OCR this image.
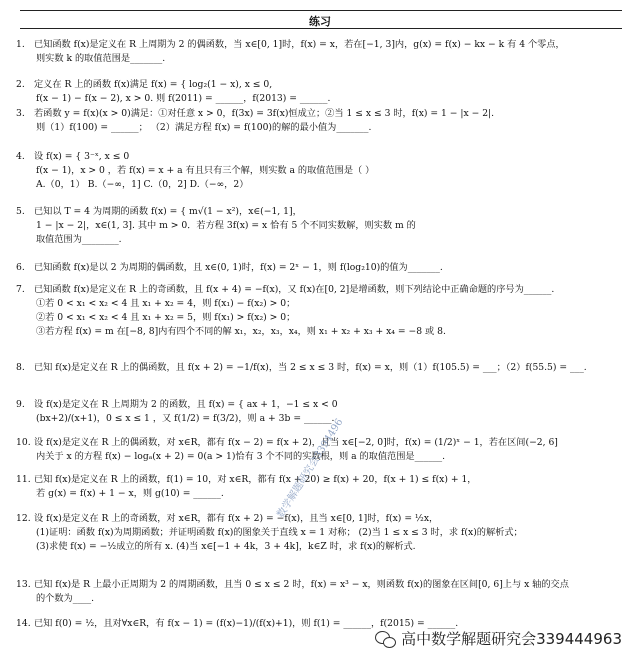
练习
1. 已知函数 f(x)是定义在 R 上周期为 2 的偶函数，当 x∈[0, 1]时，f(x) = x，若在[−1, 3]内，g(x) = f(x) − kx − k 有 4 个零点，
则实数 k 的取值范围是_______.
2. 定义在 R 上的函数 f(x)满足 f(x) = { log₂(1 − x), x ≤ 0,
f(x − 1) − f(x − 2), x > 0. 则 f(2011) = ______，f(2013) = ______.
3. 若函数 y = f(x)(x > 0)满足：①对任意 x > 0，f(3x) = 3f(x)恒成立；②当 1 ≤ x ≤ 3 时，f(x) = 1 − |x − 2|.
则（1）f(100) = ______； （2）满足方程 f(x) = f(100)的解的最小值为_______.
4. 设 f(x) = { 3⁻ˣ, x ≤ 0
f(x − 1)，x > 0 ，若 f(x) = x + a 有且只有三个解，则实数 a 的取值范围是（ ）
A.（0，1） B.（−∞，1] C.（0，2] D.（−∞，2）
5. 已知以 T = 4 为周期的函数 f(x) = { m√(1 − x²)，x∈(−1, 1]，
1 − |x − 2|，x∈(1, 3]. 其中 m > 0．若方程 3f(x) = x 恰有 5 个不同实数解，则实数 m 的
取值范围为________.
6. 已知函数 f(x)是以 2 为周期的偶函数，且 x∈(0, 1)时，f(x) = 2ˣ − 1，则 f(log₂10)的值为_______.
7. 已知函数 f(x)是定义在 R 上的奇函数，且 f(x + 4) = −f(x)，又 f(x)在[0, 2]是增函数，则下列结论中正确命题的序号为______.
①若 0 < x₁ < x₂ < 4 且 x₁ + x₂ = 4，则 f(x₁) − f(x₂) > 0；
②若 0 < x₁ < x₂ < 4 且 x₁ + x₂ = 5，则 f(x₁) > f(x₂) > 0；
③若方程 f(x) = m 在[−8, 8]内有四个不同的解 x₁，x₂，x₃，x₄，则 x₁ + x₂ + x₃ + x₄ = −8 或 8.
8. 已知 f(x)是定义在 R 上的偶函数，且 f(x + 2) = −1/f(x)，当 2 ≤ x ≤ 3 时，f(x) = x，则（1）f(105.5) = ___；（2）f(55.5) = ___.
9. 设 f(x)是定义在 R 上周期为 2 的函数，且 f(x) = { ax + 1，−1 ≤ x < 0
(bx+2)/(x+1)，0 ≤ x ≤ 1 ，又 f(1/2) = f(3/2)，则 a + 3b = ______.
10. 设 f(x)是定义在 R 上的偶函数，对 x∈R，都有 f(x − 2) = f(x + 2)，且当 x∈[−2, 0]时，f(x) = (1/2)ˣ − 1，若在区间(−2, 6]
内关于 x 的方程 f(x) − logₐ(x + 2) = 0(a > 1)恰有 3 个不同的实数根，则 a 的取值范围是______.
11. 已知 f(x)是定义在 R 上的函数，f(1) = 10，对 x∈R，都有 f(x + 20) ≥ f(x) + 20，f(x + 1) ≤ f(x) + 1，
若 g(x) = f(x) + 1 − x，则 g(10) = ______.
12. 设 f(x)是定义在 R 上的奇函数，对 x∈R，都有 f(x + 2) = −f(x)，且当 x∈[0, 1]时，f(x) = ½x，
(1)证明：函数 f(x)为周期函数；并证明函数 f(x)的图象关于直线 x = 1 对称； (2)当 1 ≤ x ≤ 3 时，求 f(x)的解析式；
(3)求使 f(x) = −½成立的所有 x. (4)当 x∈[−1 + 4k，3 + 4k]，k∈Z 时，求 f(x)的解析式.
13. 已知 f(x)是 R 上最小正周期为 2 的周期函数，且当 0 ≤ x ≤ 2 时，f(x) = x³ − x，则函数 f(x)的图象在区间[0, 6]上与 x 轴的交点
的个数为____.
14. 已知 f(0) = ½，且对∀x∈R，有 f(x − 1) = (f(x)−1)/(f(x)+1)，则 f(1) = ______，f(2015) = ______.
数学解题研究会3394496
高中数学解题研究会339444963
